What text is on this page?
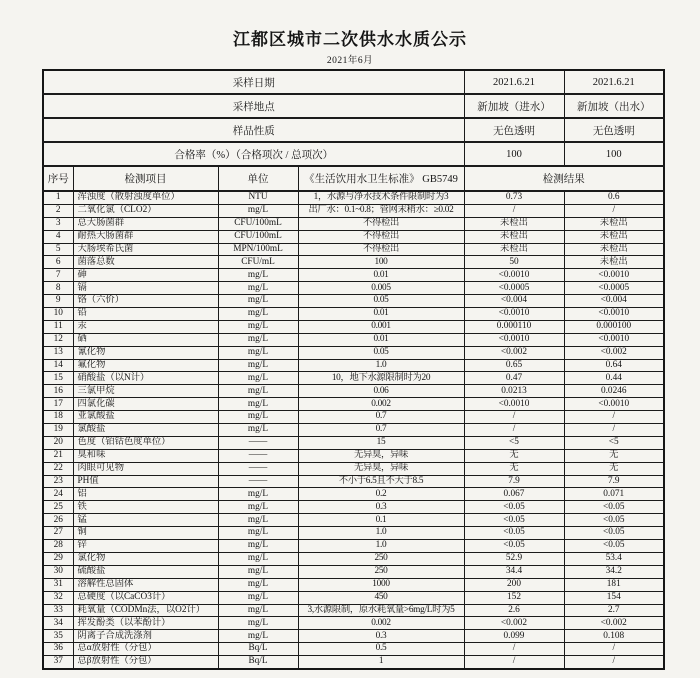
江都区城市二次供水水质公示
2021年6月
采样日期				2021.6.21	2021.6.21
采样地点				新加坡（进水）	新加坡（出水）
样品性质				无色透明	无色透明
合格率（%）（合格项次 / 总项次）				100	100
序号	检测项目	单位	《生活饮用水卫生标准》 GB5749	检测结果	
1	浑浊度（散射浊度单位）	NTU	1，水源与净水技术条件限制时为3	0.73	0.6
2	二氧化氯（CLO2）	mg/L	出厂水：0.1~0.8；管网末稍水：≥0.02	/	/
3	总大肠菌群	CFU/100mL	不得检出	未检出	未检出
4	耐热大肠菌群	CFU/100mL	不得检出	未检出	未检出
5	大肠埃希氏菌	MPN/100mL	不得检出	未检出	未检出
6	菌落总数	CFU/mL	100	50	未检出
7	砷	mg/L	0.01	<0.0010	<0.0010
8	镉	mg/L	0.005	<0.0005	<0.0005
9	铬（六价）	mg/L	0.05	<0.004	<0.004
10	铅	mg/L	0.01	<0.0010	<0.0010
11	汞	mg/L	0.001	0.000110	0.000100
12	硒	mg/L	0.01	<0.0010	<0.0010
13	氰化物	mg/L	0.05	<0.002	<0.002
14	氟化物	mg/L	1.0	0.65	0.64
15	硝酸盐（以N计）	mg/L	10，地下水源限制时为20	0.47	0.44
16	三氯甲烷	mg/L	0.06	0.0213	0.0246
17	四氯化碳	mg/L	0.002	<0.0010	<0.0010
18	亚氯酸盐	mg/L	0.7	/	/
19	氯酸盐	mg/L	0.7	/	/
20	色度（铂钴色度单位）	——	15	<5	<5
21	臭和味	——	无异臭，异味	无	无
22	肉眼可见物	——	无异臭，异味	无	无
23	PH值	——	不小于6.5且不大于8.5	7.9	7.9
24	铝	mg/L	0.2	0.067	0.071
25	铁	mg/L	0.3	<0.05	<0.05
26	锰	mg/L	0.1	<0.05	<0.05
27	铜	mg/L	1.0	<0.05	<0.05
28	锌	mg/L	1.0	<0.05	<0.05
29	氯化物	mg/L	250	52.9	53.4
30	硫酸盐	mg/L	250	34.4	34.2
31	溶解性总固体	mg/L	1000	200	181
32	总硬度（以CaCO3计）	mg/L	450	152	154
33	耗氧量（CODMn法，以O2计）	mg/L	3,水源限制，原水耗氧量>6mg/L时为5	2.6	2.7
34	挥发酚类（以苯酚计）	mg/L	0.002	<0.002	<0.002
35	阴离子合成洗涤剂	mg/L	0.3	0.099	0.108
36	总α放射性（分包）	Bq/L	0.5	/	/
37	总β放射性（分包）	Bq/L	1	/	/
